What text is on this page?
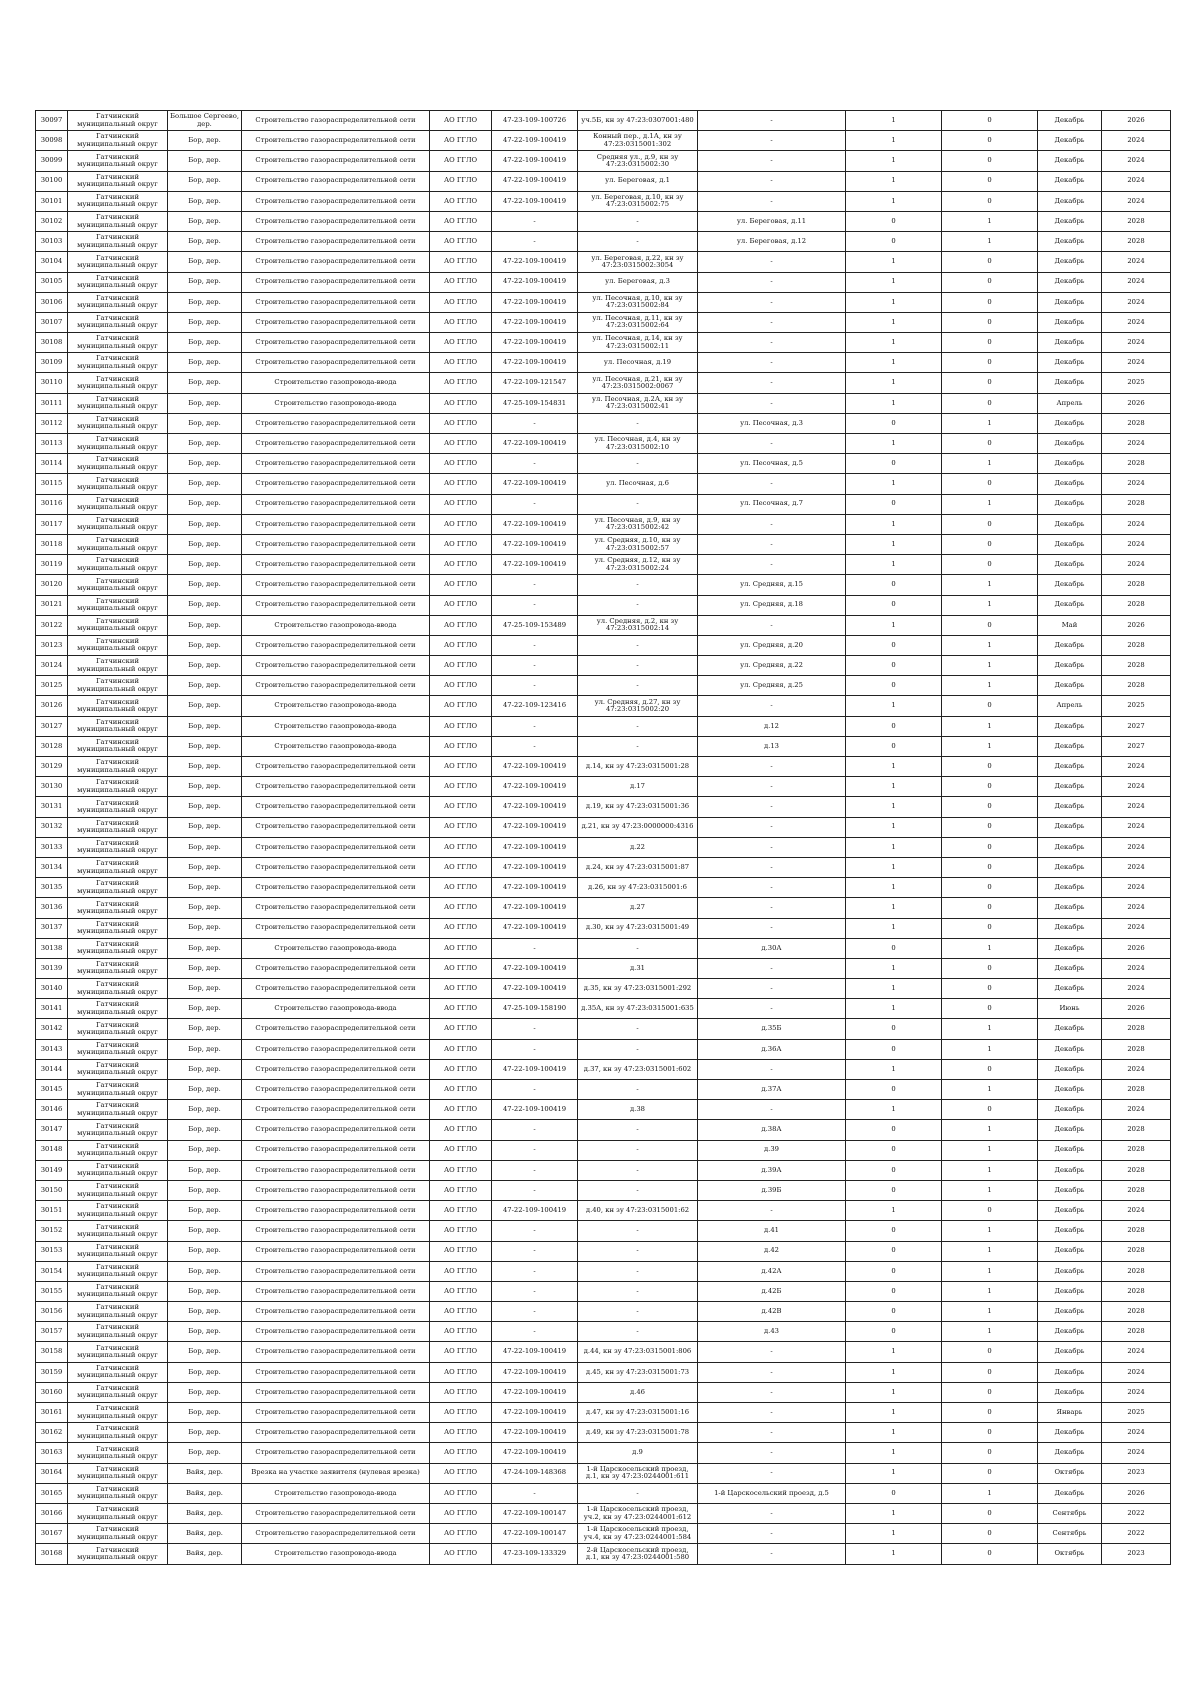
30097	Гатчинский муниципальный округ	Большое Сергеево, дер.	Строительство газораспределительной сети	АО ГГЛО	47-23-109-100726	уч.5Б, кн зу 47:23:0307001:480	-	1	0	Декабрь	2026
30098	Гатчинский муниципальный округ	Бор, дер.	Строительство газораспределительной сети	АО ГГЛО	47-22-109-100419	Конный пер., д.1А, кн зу 47:23:0315001:302	-	1	0	Декабрь	2024
30099	Гатчинский муниципальный округ	Бор, дер.	Строительство газораспределительной сети	АО ГГЛО	47-22-109-100419	Средняя ул., д.9, кн зу 47:23:0315002:30	-	1	0	Декабрь	2024
30100	Гатчинский муниципальный округ	Бор, дер.	Строительство газораспределительной сети	АО ГГЛО	47-22-109-100419	ул. Береговая, д.1	-	1	0	Декабрь	2024
30101	Гатчинский муниципальный округ	Бор, дер.	Строительство газораспределительной сети	АО ГГЛО	47-22-109-100419	ул. Береговая, д.10, кн зу 47:23:0315002:75	-	1	0	Декабрь	2024
30102	Гатчинский муниципальный округ	Бор, дер.	Строительство газораспределительной сети	АО ГГЛО	-	-	ул. Береговая, д.11	0	1	Декабрь	2028
30103	Гатчинский муниципальный округ	Бор, дер.	Строительство газораспределительной сети	АО ГГЛО	-	-	ул. Береговая, д.12	0	1	Декабрь	2028
30104	Гатчинский муниципальный округ	Бор, дер.	Строительство газораспределительной сети	АО ГГЛО	47-22-109-100419	ул. Береговая, д.22, кн зу 47:23:0315002:3054	-	1	0	Декабрь	2024
30105	Гатчинский муниципальный округ	Бор, дер.	Строительство газораспределительной сети	АО ГГЛО	47-22-109-100419	ул. Береговая, д.3	-	1	0	Декабрь	2024
30106	Гатчинский муниципальный округ	Бор, дер.	Строительство газораспределительной сети	АО ГГЛО	47-22-109-100419	ул. Песочная, д.10, кн зу 47:23:0315002:84	-	1	0	Декабрь	2024
30107	Гатчинский муниципальный округ	Бор, дер.	Строительство газораспределительной сети	АО ГГЛО	47-22-109-100419	ул. Песочная, д.11, кн зу 47:23:0315002:64	-	1	0	Декабрь	2024
30108	Гатчинский муниципальный округ	Бор, дер.	Строительство газораспределительной сети	АО ГГЛО	47-22-109-100419	ул. Песочная, д.14, кн зу 47:23:0315002:11	-	1	0	Декабрь	2024
30109	Гатчинский муниципальный округ	Бор, дер.	Строительство газораспределительной сети	АО ГГЛО	47-22-109-100419	ул. Песочная, д.19	-	1	0	Декабрь	2024
30110	Гатчинский муниципальный округ	Бор, дер.	Строительство газопровода-ввода	АО ГГЛО	47-22-109-121547	ул. Песочная, д.21, кн зу 47:23:0315002:0067	-	1	0	Декабрь	2025
30111	Гатчинский муниципальный округ	Бор, дер.	Строительство газопровода-ввода	АО ГГЛО	47-25-109-154831	ул. Песочная, д.2А, кн зу 47:23:0315002:41	-	1	0	Апрель	2026
30112	Гатчинский муниципальный округ	Бор, дер.	Строительство газораспределительной сети	АО ГГЛО	-	-	ул. Песочная, д.3	0	1	Декабрь	2028
30113	Гатчинский муниципальный округ	Бор, дер.	Строительство газораспределительной сети	АО ГГЛО	47-22-109-100419	ул. Песочная, д.4, кн зу 47:23:0315002:10	-	1	0	Декабрь	2024
30114	Гатчинский муниципальный округ	Бор, дер.	Строительство газораспределительной сети	АО ГГЛО	-	-	ул. Песочная, д.5	0	1	Декабрь	2028
30115	Гатчинский муниципальный округ	Бор, дер.	Строительство газораспределительной сети	АО ГГЛО	47-22-109-100419	ул. Песочная, д.6	-	1	0	Декабрь	2024
30116	Гатчинский муниципальный округ	Бор, дер.	Строительство газораспределительной сети	АО ГГЛО	-	-	ул. Песочная, д.7	0	1	Декабрь	2028
30117	Гатчинский муниципальный округ	Бор, дер.	Строительство газораспределительной сети	АО ГГЛО	47-22-109-100419	ул. Песочная, д.9, кн зу 47:23:0315002:42	-	1	0	Декабрь	2024
30118	Гатчинский муниципальный округ	Бор, дер.	Строительство газораспределительной сети	АО ГГЛО	47-22-109-100419	ул. Средняя, д.10, кн зу 47:23:0315002:57	-	1	0	Декабрь	2024
30119	Гатчинский муниципальный округ	Бор, дер.	Строительство газораспределительной сети	АО ГГЛО	47-22-109-100419	ул. Средняя, д.12, кн зу 47:23:0315002:24	-	1	0	Декабрь	2024
30120	Гатчинский муниципальный округ	Бор, дер.	Строительство газораспределительной сети	АО ГГЛО	-	-	ул. Средняя, д.15	0	1	Декабрь	2028
30121	Гатчинский муниципальный округ	Бор, дер.	Строительство газораспределительной сети	АО ГГЛО	-	-	ул. Средняя, д.18	0	1	Декабрь	2028
30122	Гатчинский муниципальный округ	Бор, дер.	Строительство газопровода-ввода	АО ГГЛО	47-25-109-153489	ул. Средняя, д.2, кн зу 47:23:0315002:14	-	1	0	Май	2026
30123	Гатчинский муниципальный округ	Бор, дер.	Строительство газораспределительной сети	АО ГГЛО	-	-	ул. Средняя, д.20	0	1	Декабрь	2028
30124	Гатчинский муниципальный округ	Бор, дер.	Строительство газораспределительной сети	АО ГГЛО	-	-	ул. Средняя, д.22	0	1	Декабрь	2028
30125	Гатчинский муниципальный округ	Бор, дер.	Строительство газораспределительной сети	АО ГГЛО	-	-	ул. Средняя, д.25	0	1	Декабрь	2028
30126	Гатчинский муниципальный округ	Бор, дер.	Строительство газопровода-ввода	АО ГГЛО	47-22-109-123416	ул. Средняя, д.27, кн зу 47:23:0315002:20	-	1	0	Апрель	2025
30127	Гатчинский муниципальный округ	Бор, дер.	Строительство газопровода-ввода	АО ГГЛО	-	-	д.12	0	1	Декабрь	2027
30128	Гатчинский муниципальный округ	Бор, дер.	Строительство газопровода-ввода	АО ГГЛО	-	-	д.13	0	1	Декабрь	2027
30129	Гатчинский муниципальный округ	Бор, дер.	Строительство газораспределительной сети	АО ГГЛО	47-22-109-100419	д.14, кн зу 47:23:0315001:28	-	1	0	Декабрь	2024
30130	Гатчинский муниципальный округ	Бор, дер.	Строительство газораспределительной сети	АО ГГЛО	47-22-109-100419	д.17	-	1	0	Декабрь	2024
30131	Гатчинский муниципальный округ	Бор, дер.	Строительство газораспределительной сети	АО ГГЛО	47-22-109-100419	д.19, кн зу 47:23:0315001:36	-	1	0	Декабрь	2024
30132	Гатчинский муниципальный округ	Бор, дер.	Строительство газораспределительной сети	АО ГГЛО	47-22-109-100419	д.21, кн зу 47:23:0000000:4316	-	1	0	Декабрь	2024
30133	Гатчинский муниципальный округ	Бор, дер.	Строительство газораспределительной сети	АО ГГЛО	47-22-109-100419	д.22	-	1	0	Декабрь	2024
30134	Гатчинский муниципальный округ	Бор, дер.	Строительство газораспределительной сети	АО ГГЛО	47-22-109-100419	д.24, кн зу 47:23:0315001:87	-	1	0	Декабрь	2024
30135	Гатчинский муниципальный округ	Бор, дер.	Строительство газораспределительной сети	АО ГГЛО	47-22-109-100419	д.26, кн зу 47:23:0315001:6	-	1	0	Декабрь	2024
30136	Гатчинский муниципальный округ	Бор, дер.	Строительство газораспределительной сети	АО ГГЛО	47-22-109-100419	д.27	-	1	0	Декабрь	2024
30137	Гатчинский муниципальный округ	Бор, дер.	Строительство газораспределительной сети	АО ГГЛО	47-22-109-100419	д.30, кн зу 47:23:0315001:49	-	1	0	Декабрь	2024
30138	Гатчинский муниципальный округ	Бор, дер.	Строительство газопровода-ввода	АО ГГЛО	-	-	д.30А	0	1	Декабрь	2026
30139	Гатчинский муниципальный округ	Бор, дер.	Строительство газораспределительной сети	АО ГГЛО	47-22-109-100419	д.31	-	1	0	Декабрь	2024
30140	Гатчинский муниципальный округ	Бор, дер.	Строительство газораспределительной сети	АО ГГЛО	47-22-109-100419	д.35, кн зу 47:23:0315001:292	-	1	0	Декабрь	2024
30141	Гатчинский муниципальный округ	Бор, дер.	Строительство газопровода-ввода	АО ГГЛО	47-25-109-158190	д.35А, кн зу 47:23:0315001:635	-	1	0	Июнь	2026
30142	Гатчинский муниципальный округ	Бор, дер.	Строительство газораспределительной сети	АО ГГЛО	-	-	д.35Б	0	1	Декабрь	2028
30143	Гатчинский муниципальный округ	Бор, дер.	Строительство газораспределительной сети	АО ГГЛО	-	-	д.36А	0	1	Декабрь	2028
30144	Гатчинский муниципальный округ	Бор, дер.	Строительство газораспределительной сети	АО ГГЛО	47-22-109-100419	д.37, кн зу 47:23:0315001:602	-	1	0	Декабрь	2024
30145	Гатчинский муниципальный округ	Бор, дер.	Строительство газораспределительной сети	АО ГГЛО	-	-	д.37А	0	1	Декабрь	2028
30146	Гатчинский муниципальный округ	Бор, дер.	Строительство газораспределительной сети	АО ГГЛО	47-22-109-100419	д.38	-	1	0	Декабрь	2024
30147	Гатчинский муниципальный округ	Бор, дер.	Строительство газораспределительной сети	АО ГГЛО	-	-	д.38А	0	1	Декабрь	2028
30148	Гатчинский муниципальный округ	Бор, дер.	Строительство газораспределительной сети	АО ГГЛО	-	-	д.39	0	1	Декабрь	2028
30149	Гатчинский муниципальный округ	Бор, дер.	Строительство газораспределительной сети	АО ГГЛО	-	-	д.39А	0	1	Декабрь	2028
30150	Гатчинский муниципальный округ	Бор, дер.	Строительство газораспределительной сети	АО ГГЛО	-	-	д.39Б	0	1	Декабрь	2028
30151	Гатчинский муниципальный округ	Бор, дер.	Строительство газораспределительной сети	АО ГГЛО	47-22-109-100419	д.40, кн зу 47:23:0315001:62	-	1	0	Декабрь	2024
30152	Гатчинский муниципальный округ	Бор, дер.	Строительство газораспределительной сети	АО ГГЛО	-	-	д.41	0	1	Декабрь	2028
30153	Гатчинский муниципальный округ	Бор, дер.	Строительство газораспределительной сети	АО ГГЛО	-	-	д.42	0	1	Декабрь	2028
30154	Гатчинский муниципальный округ	Бор, дер.	Строительство газораспределительной сети	АО ГГЛО	-	-	д.42А	0	1	Декабрь	2028
30155	Гатчинский муниципальный округ	Бор, дер.	Строительство газораспределительной сети	АО ГГЛО	-	-	д.42Б	0	1	Декабрь	2028
30156	Гатчинский муниципальный округ	Бор, дер.	Строительство газораспределительной сети	АО ГГЛО	-	-	д.42В	0	1	Декабрь	2028
30157	Гатчинский муниципальный округ	Бор, дер.	Строительство газораспределительной сети	АО ГГЛО	-	-	д.43	0	1	Декабрь	2028
30158	Гатчинский муниципальный округ	Бор, дер.	Строительство газораспределительной сети	АО ГГЛО	47-22-109-100419	д.44, кн зу 47:23:0315001:806	-	1	0	Декабрь	2024
30159	Гатчинский муниципальный округ	Бор, дер.	Строительство газораспределительной сети	АО ГГЛО	47-22-109-100419	д.45, кн зу 47:23:0315001:73	-	1	0	Декабрь	2024
30160	Гатчинский муниципальный округ	Бор, дер.	Строительство газораспределительной сети	АО ГГЛО	47-22-109-100419	д.46	-	1	0	Декабрь	2024
30161	Гатчинский муниципальный округ	Бор, дер.	Строительство газораспределительной сети	АО ГГЛО	47-22-109-100419	д.47, кн зу 47:23:0315001:16	-	1	0	Январь	2025
30162	Гатчинский муниципальный округ	Бор, дер.	Строительство газораспределительной сети	АО ГГЛО	47-22-109-100419	д.49, кн зу 47:23:0315001:78	-	1	0	Декабрь	2024
30163	Гатчинский муниципальный округ	Бор, дер.	Строительство газораспределительной сети	АО ГГЛО	47-22-109-100419	д.9	-	1	0	Декабрь	2024
30164	Гатчинский муниципальный округ	Вайя, дер.	Врезка на участке заявителя (нулевая врезка)	АО ГГЛО	47-24-109-148368	1-й Царскосельский проезд, д.1, кн зу 47:23:0244001:611	-	1	0	Октябрь	2023
30165	Гатчинский муниципальный округ	Вайя, дер.	Строительство газопровода-ввода	АО ГГЛО	-	-	1-й Царскосельский проезд, д.5	0	1	Декабрь	2026
30166	Гатчинский муниципальный округ	Вайя, дер.	Строительство газораспределительной сети	АО ГГЛО	47-22-109-100147	1-й Царскосельский проезд, уч.2, кн зу 47:23:0244001:612	-	1	0	Сентябрь	2022
30167	Гатчинский муниципальный округ	Вайя, дер.	Строительство газораспределительной сети	АО ГГЛО	47-22-109-100147	1-й Царскосельский проезд, уч.4, кн зу 47:23:0244001:584	-	1	0	Сентябрь	2022
30168	Гатчинский муниципальный округ	Вайя, дер.	Строительство газопровода-ввода	АО ГГЛО	47-23-109-133329	2-й Царскосельский проезд, д.1, кн зу 47:23:0244001:580	-	1	0	Октябрь	2023
